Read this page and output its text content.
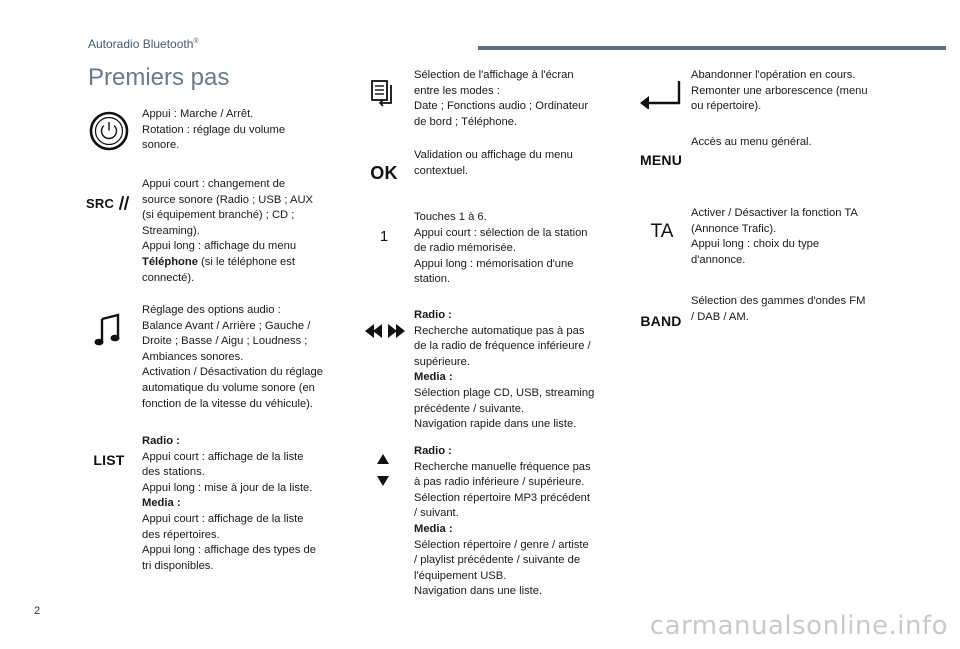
Autoradio Bluetooth®
Premiers pas
Appui : Marche / Arrêt.
Rotation : réglage du volume
sonore.
SRC
Appui court : changement de
source sonore (Radio ; USB ; AUX
(si équipement branché) ; CD ;
Streaming).
Appui long : affichage du menu
Téléphone (si le téléphone est
connecté).
Réglage des options audio :
Balance Avant / Arrière ; Gauche /
Droite ; Basse / Aigu ; Loudness ;
Ambiances sonores.
Activation / Désactivation du réglage
automatique du volume sonore (en
fonction de la vitesse du véhicule).
LIST
Radio :
Appui court : affichage de la liste
des stations.
Appui long : mise à jour de la liste.
Media :
Appui court : affichage de la liste
des répertoires.
Appui long : affichage des types de
tri disponibles.
Sélection de l'affichage à l'écran
entre les modes :
Date ; Fonctions audio ; Ordinateur
de bord ; Téléphone.
OK
Validation ou affichage du menu
contextuel.
1
Touches 1 à 6.
Appui court : sélection de la station
de radio mémorisée.
Appui long : mémorisation d'une
station.
Radio :
Recherche automatique pas à pas
de la radio de fréquence inférieure /
supérieure.
Media :
Sélection plage CD, USB, streaming
précédente / suivante.
Navigation rapide dans une liste.
Radio :
Recherche manuelle fréquence pas
à pas radio inférieure / supérieure.
Sélection répertoire MP3 précédent
/ suivant.
Media :
Sélection répertoire / genre / artiste
/ playlist précédente / suivante de
l'équipement USB.
Navigation dans une liste.
Abandonner l'opération en cours.
Remonter une arborescence (menu
ou répertoire).
MENU
Accès au menu général.
TA
Activer / Désactiver la fonction TA
(Annonce Trafic).
Appui long : choix du type
d'annonce.
BAND
Sélection des gammes d'ondes FM
/ DAB / AM.
2	carmanualsonline.info
